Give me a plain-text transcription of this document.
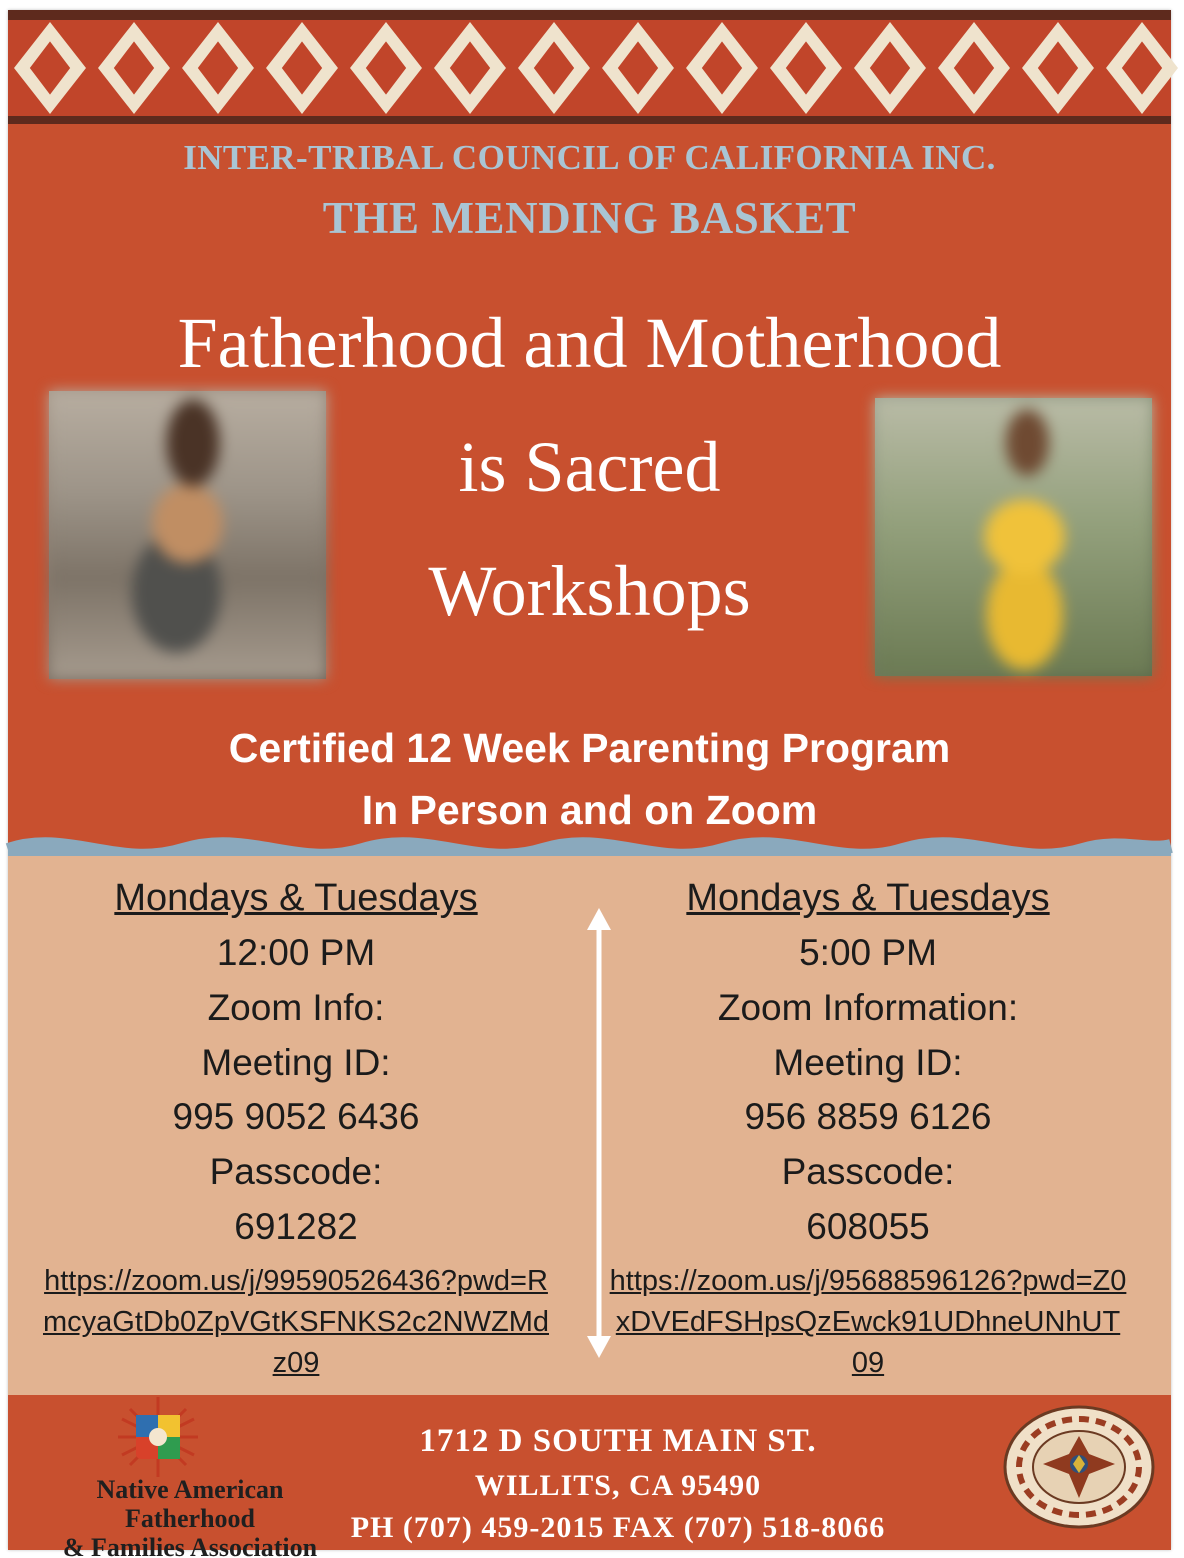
INTER-TRIBAL COUNCIL OF CALIFORNIA INC.
THE MENDING BASKET
Fatherhood and Motherhood
is Sacred
Workshops
Certified 12 Week Parenting Program
In Person and on Zoom
Mondays & Tuesdays
12:00 PM
Zoom Info:
Meeting ID:
995 9052 6436
Passcode:
691282
https://zoom.us/j/99590526436?pwd=RmcyaGtDb0ZpVGtKSFNKS2c2NWZMdz09
Mondays & Tuesdays
5:00 PM
Zoom Information:
Meeting ID:
956 8859 6126
Passcode:
608055
https://zoom.us/j/95688596126?pwd=Z0xDVEdFSHpsQzEwck91UDhneUNhUT09
Native American Fatherhood
1712 D SOUTH MAIN ST.
WILLITS, CA 95490
PH (707) 459-2015 FAX (707) 518-8066
